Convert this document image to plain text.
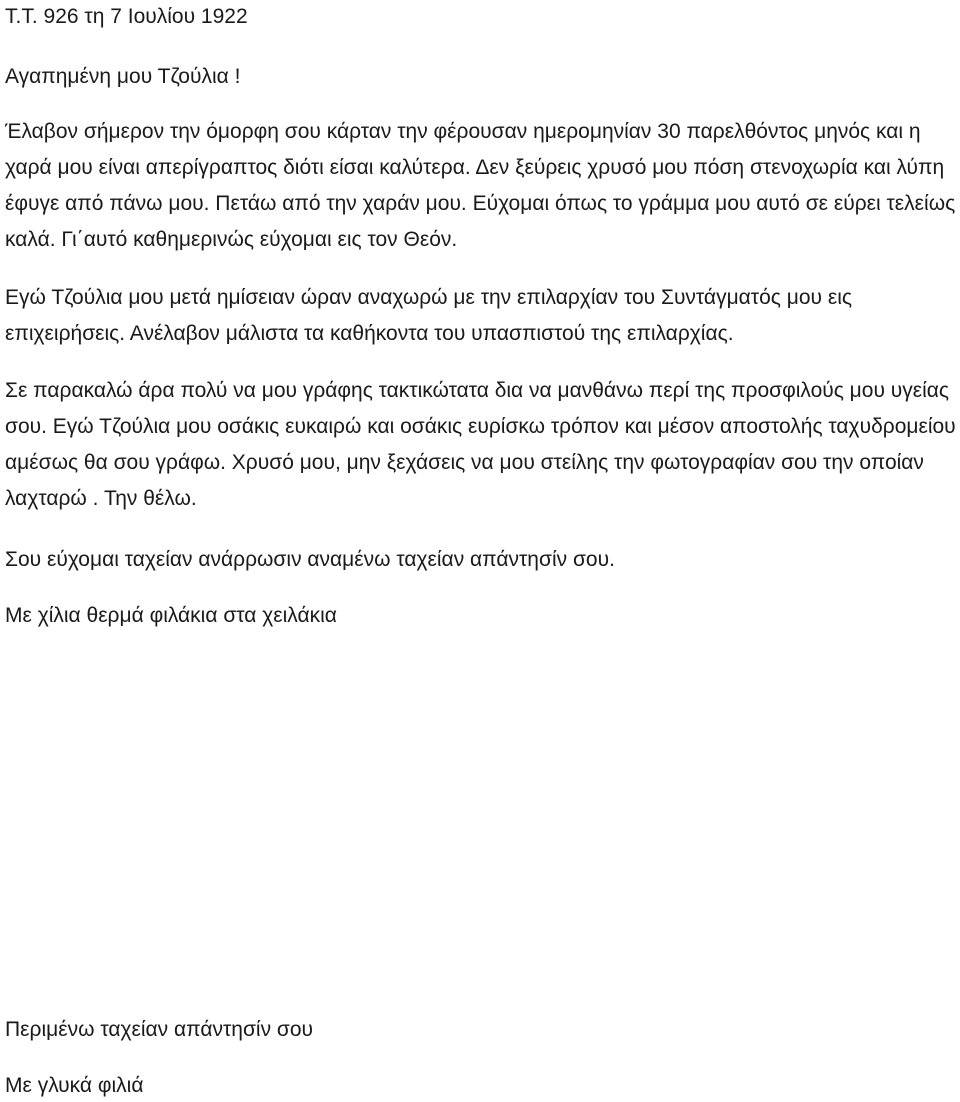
Τ.Τ. 926 τη 7 Ιουλίου 1922
Αγαπημένη μου Τζούλια !
Έλαβον σήμερον την όμορφη σου κάρταν την φέρουσαν ημερομηνίαν 30 παρελθόντος μηνός και η χαρά μου είναι απερίγραπτος διότι είσαι καλύτερα. Δεν ξεύρεις χρυσό μου πόση στενοχωρία και λύπη έφυγε από πάνω μου. Πετάω από την χαράν μου. Εύχομαι όπως το γράμμα μου αυτό σε εύρει τελείως καλά. Γι΄αυτό καθημερινώς εύχομαι εις τον Θεόν.
Εγώ Τζούλια μου μετά ημίσειαν ώραν αναχωρώ με την επιλαρχίαν του Συντάγματός μου εις επιχειρήσεις. Ανέλαβον μάλιστα τα καθήκοντα του υπασπιστού της επιλαρχίας.
Σε παρακαλώ άρα πολύ να μου γράφης τακτικώτατα δια να μανθάνω περί της προσφιλούς μου υγείας σου. Εγώ Τζούλια μου οσάκις ευκαιρώ και οσάκις ευρίσκω τρόπον και μέσον αποστολής ταχυδρομείου αμέσως θα σου γράφω. Χρυσό μου, μην ξεχάσεις να μου στείλης την φωτογραφίαν σου την οποίαν λαχταρώ . Την θέλω.
Σου εύχομαι ταχείαν ανάρρωσιν αναμένω ταχείαν απάντησίν σου.
Με χίλια θερμά φιλάκια στα χειλάκια
Περιμένω ταχείαν απάντησίν σου
Με γλυκά φιλιά
